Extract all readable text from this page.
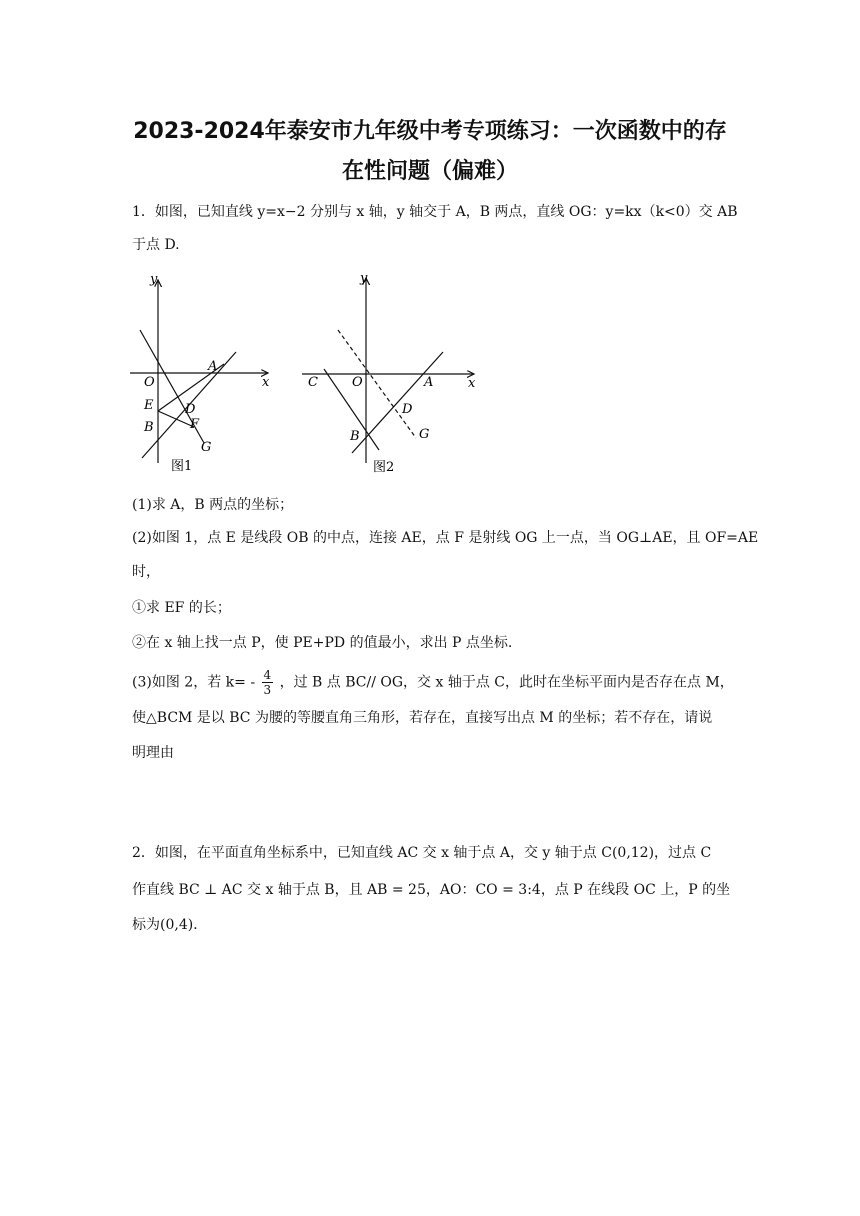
2023-2024年泰安市九年级中考专项练习：一次函数中的存
在性问题（偏难）
1．如图，已知直线 y=x−2 分别与 x 轴，y 轴交于 A，B 两点，直线 OG：y=kx（k<0）交 AB
于点 D.
y
x
O
A
E
B
D
F
G
图1
y
x
C	O	A
D
B	G
图2
(1)求 A，B 两点的坐标；
(2)如图 1，点 E 是线段 OB 的中点，连接 AE，点 F 是射线 OG 上一点，当 OG⊥AE，且 OF=AE
时，
①求 EF 的长；
②在 x 轴上找一点 P，使 PE+PD 的值最小，求出 P 点坐标.
(3)如图 2，若 $k= - \frac{4}{3}$ ，过 B 点 BC// OG，交 x 轴于点 C，此时在坐标平面内是否存在点 M，
使△BCM 是以 BC 为腰的等腰直角三角形，若存在，直接写出点 M 的坐标；若不存在，请说
明理由
2．如图，在平面直角坐标系中，已知直线 AC 交 x 轴于点 A，交 y 轴于点 C(0,12)，过点 C
作直线 BC ⊥ AC 交 x 轴于点 B，且 AB = 25，AO：CO = 3:4，点 P 在线段 OC 上，P 的坐
标为(0,4)．
